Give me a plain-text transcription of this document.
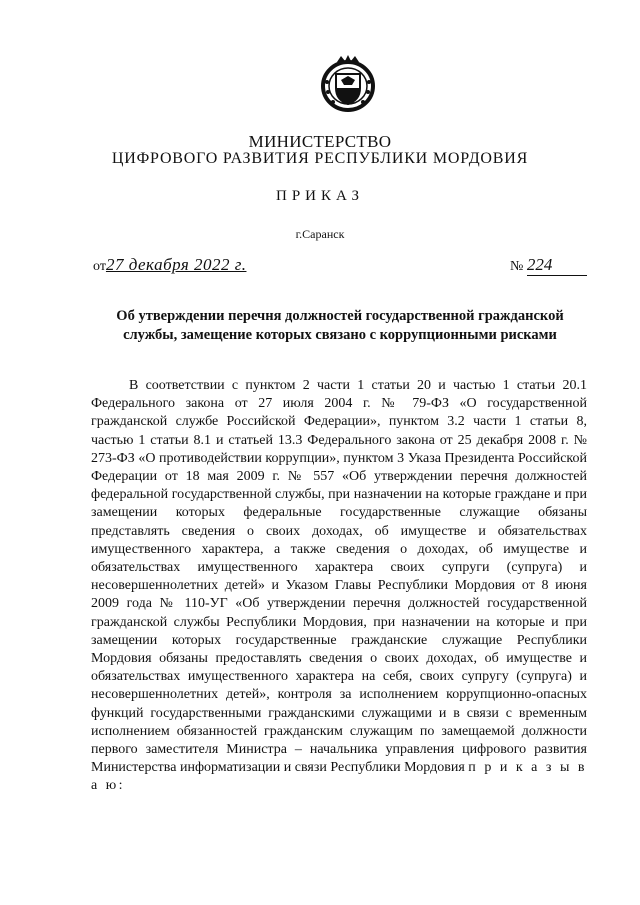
МИНИСТЕРСТВО
ЦИФРОВОГО РАЗВИТИЯ РЕСПУБЛИКИ МОРДОВИЯ
ПРИКАЗ
г.Саранск
от27 декабря 2022 г.	№ 224
Об утверждении перечня должностей государственной гражданской службы, замещение которых связано с коррупционными рисками

В соответствии с пунктом 2 части 1 статьи 20 и частью 1 статьи 20.1 Федерального закона от 27 июля 2004 г. № 79-ФЗ «О государственной гражданской службе Российской Федерации», пунктом 3.2 части 1 статьи 8, частью 1 статьи 8.1 и статьей 13.3 Федерального закона от 25 декабря 2008 г. № 273-ФЗ «О противодействии коррупции», пунктом 3 Указа Президента Российской Федерации от 18 мая 2009 г. № 557 «Об утверждении перечня должностей федеральной государственной службы, при назначении на которые граждане и при замещении которых федеральные государственные служащие обязаны представлять сведения о своих доходах, об имуществе и обязательствах имущественного характера, а также сведения о доходах, об имуществе и обязательствах имущественного характера своих супруги (супруга) и несовершеннолетних детей» и Указом Главы Республики Мордовия от 8 июня 2009 года № 110-УГ «Об утверждении перечня должностей государственной гражданской службы Республики Мордовия, при назначении на которые и при замещении которых государственные гражданские служащие Республики Мордовия обязаны предоставлять сведения о своих доходах, об имуществе и обязательствах имущественного характера на себя, своих супругу (супруга) и несовершеннолетних детей», контроля за исполнением коррупционно-опасных функций государственными гражданскими служащими и в связи с временным исполнением обязанностей гражданским служащим по замещаемой должности первого заместителя Министра – начальника управления цифрового развития Министерства информатизации и связи Республики Мордовия п р и к а з ы в а ю:
